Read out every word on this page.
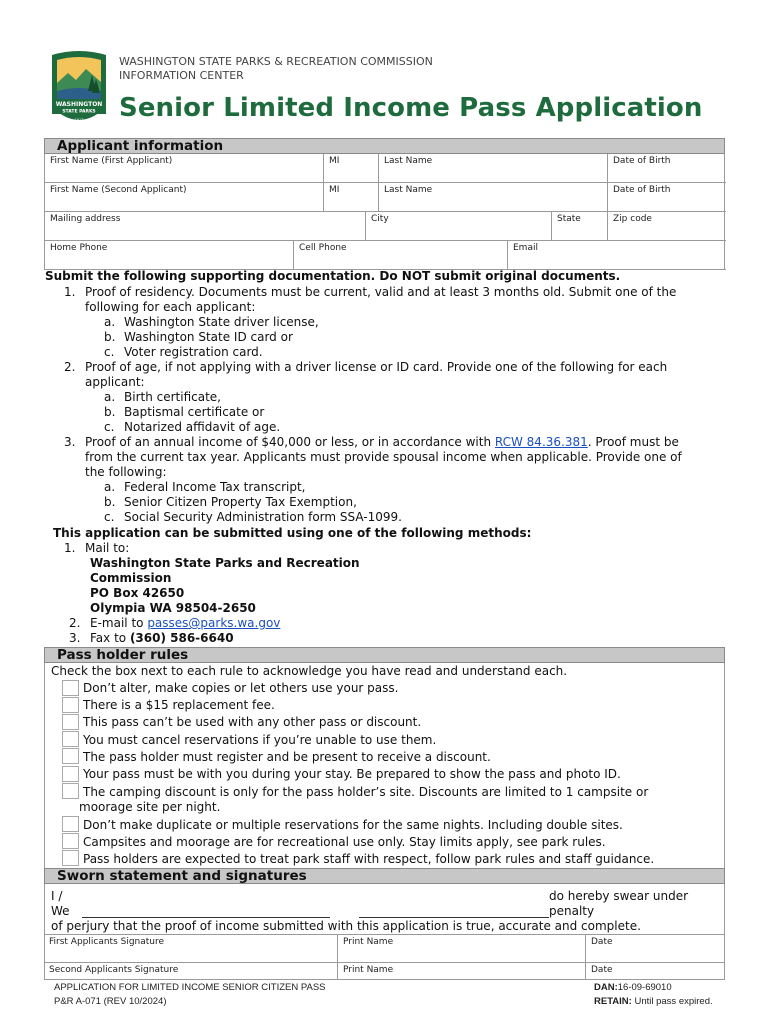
WASHINGTON
STATE PARKS
1913
WASHINGTON STATE PARKS & RECREATION COMMISSION
INFORMATION CENTER
Senior Limited Income Pass Application
Applicant information
First Name (First Applicant)	MI	Last Name	Date of Birth
First Name (Second Applicant)	MI	Last Name	Date of Birth
Mailing address	City	State	Zip code
Home Phone	Cell Phone	Email
Submit the following supporting documentation. Do NOT submit original documents.
1. Proof of residency. Documents must be current, valid and at least 3 months old. Submit one of the
following for each applicant:
a. Washington State driver license,
b. Washington State ID card or
c. Voter registration card.
2. Proof of age, if not applying with a driver license or ID card. Provide one of the following for each
applicant:
a. Birth certificate,
b. Baptismal certificate or
c. Notarized affidavit of age.
3. Proof of an annual income of $40,000 or less, or in accordance with RCW 84.36.381. Proof must be
from the current tax year. Applicants must provide spousal income when applicable. Provide one of
the following:
a. Federal Income Tax transcript,
b. Senior Citizen Property Tax Exemption,
c. Social Security Administration form SSA-1099.
This application can be submitted using one of the following methods:
1. Mail to:
Washington State Parks and Recreation
Commission
PO Box 42650
Olympia WA 98504-2650
2. E-mail to passes@parks.wa.gov
3. Fax to (360) 586-6640
Pass holder rules
Check the box next to each rule to acknowledge you have read and understand each.
Don’t alter, make copies or let others use your pass.
There is a $15 replacement fee.
This pass can’t be used with any other pass or discount.
You must cancel reservations if you’re unable to use them.
The pass holder must register and be present to receive a discount.
Your pass must be with you during your stay. Be prepared to show the pass and photo ID.
The camping discount is only for the pass holder’s site. Discounts are limited to 1 campsite or
moorage site per night.
Don’t make duplicate or multiple reservations for the same nights. Including double sites.
Campsites and moorage are for recreational use only. Stay limits apply, see park rules.
Pass holders are expected to treat park staff with respect, follow park rules and staff guidance.
Sworn statement and signatures
I /
We
do hereby swear under
penalty
of perjury that the proof of income submitted with this application is true, accurate and complete.
First Applicants Signature	Print Name	Date
Second Applicants Signature	Print Name	Date
APPLICATION FOR LIMITED INCOME SENIOR CITIZEN PASS
P&R A-071 (REV 10/2024)
DAN:16-09-69010
RETAIN: Until pass expired.
